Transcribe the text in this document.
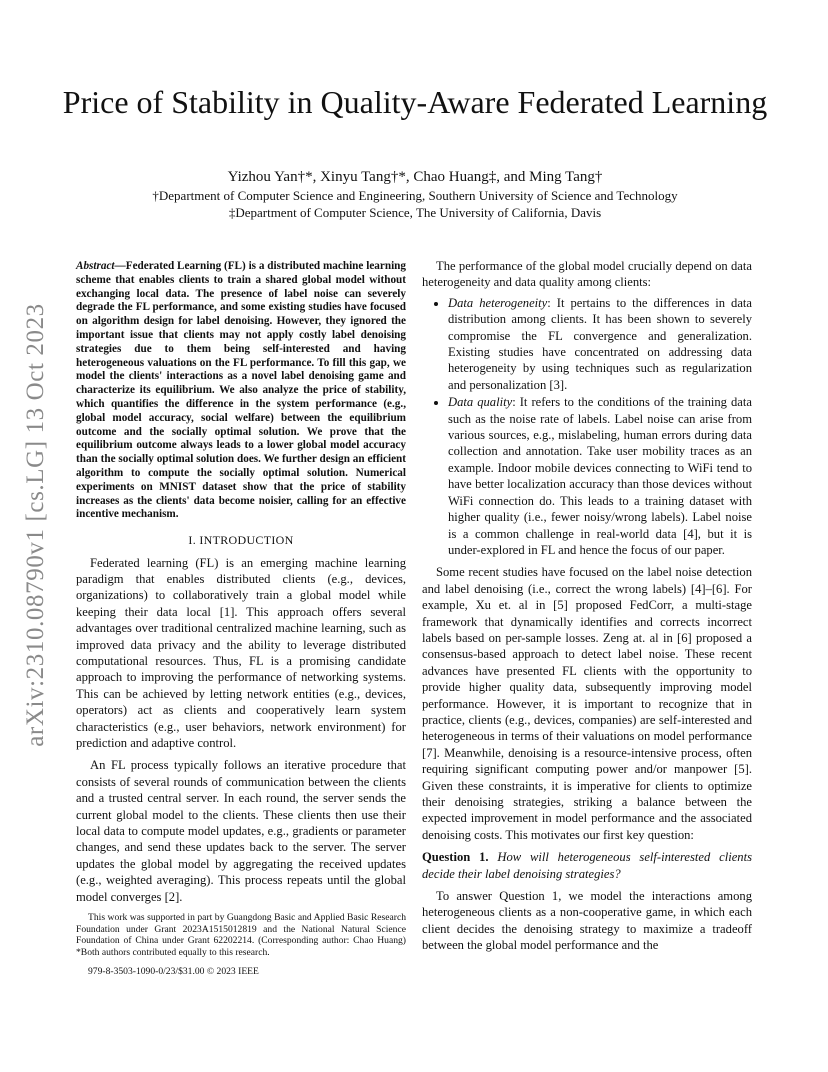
arXiv:2310.08790v1 [cs.LG] 13 Oct 2023
Price of Stability in Quality-Aware Federated Learning
Yizhou Yan†*, Xinyu Tang†*, Chao Huang‡, and Ming Tang†
†Department of Computer Science and Engineering, Southern University of Science and Technology
‡Department of Computer Science, The University of California, Davis

Abstract—Federated Learning (FL) is a distributed machine learning scheme that enables clients to train a shared global model without exchanging local data. The presence of label noise can severely degrade the FL performance, and some existing studies have focused on algorithm design for label denoising. However, they ignored the important issue that clients may not apply costly label denoising strategies due to them being self-interested and having heterogeneous valuations on the FL performance. To fill this gap, we model the clients' interactions as a novel label denoising game and characterize its equilibrium. We also analyze the price of stability, which quantifies the difference in the system performance (e.g., global model accuracy, social welfare) between the equilibrium outcome and the socially optimal solution. We prove that the equilibrium outcome always leads to a lower global model accuracy than the socially optimal solution does. We further design an efficient algorithm to compute the socially optimal solution. Numerical experiments on MNIST dataset show that the price of stability increases as the clients' data become noisier, calling for an effective incentive mechanism.

I. INTRODUCTION

Federated learning (FL) is an emerging machine learning paradigm that enables distributed clients (e.g., devices, organizations) to collaboratively train a global model while keeping their data local [1]. This approach offers several advantages over traditional centralized machine learning, such as improved data privacy and the ability to leverage distributed computational resources. Thus, FL is a promising candidate approach to improving the performance of networking systems. This can be achieved by letting network entities (e.g., devices, operators) act as clients and cooperatively learn system characteristics (e.g., user behaviors, network environment) for prediction and adaptive control.

An FL process typically follows an iterative procedure that consists of several rounds of communication between the clients and a trusted central server. In each round, the server sends the current global model to the clients. These clients then use their local data to compute model updates, e.g., gradients or parameter changes, and send these updates back to the server. The server updates the global model by aggregating the received updates (e.g., weighted averaging). This process repeats until the global model converges [2].

This work was supported in part by Guangdong Basic and Applied Basic Research Foundation under Grant 2023A1515012819 and the National Natural Science Foundation of China under Grant 62202214. (Corresponding author: Chao Huang) *Both authors contributed equally to this research.

979-8-3503-1090-0/23/$31.00 © 2023 IEEE

The performance of the global model crucially depend on data heterogeneity and data quality among clients:

• Data heterogeneity: It pertains to the differences in data distribution among clients. It has been shown to severely compromise the FL convergence and generalization. Existing studies have concentrated on addressing data heterogeneity by using techniques such as regularization and personalization [3].
• Data quality: It refers to the conditions of the training data such as the noise rate of labels. Label noise can arise from various sources, e.g., mislabeling, human errors during data collection and annotation. Take user mobility traces as an example. Indoor mobile devices connecting to WiFi tend to have better localization accuracy than those devices without WiFi connection do. This leads to a training dataset with higher quality (i.e., fewer noisy/wrong labels). Label noise is a common challenge in real-world data [4], but it is under-explored in FL and hence the focus of our paper.

Some recent studies have focused on the label noise detection and label denoising (i.e., correct the wrong labels) [4]–[6]. For example, Xu et. al in [5] proposed FedCorr, a multi-stage framework that dynamically identifies and corrects incorrect labels based on per-sample losses. Zeng at. al in [6] proposed a consensus-based approach to detect label noise. These recent advances have presented FL clients with the opportunity to provide higher quality data, subsequently improving model performance. However, it is important to recognize that in practice, clients (e.g., devices, companies) are self-interested and heterogeneous in terms of their valuations on model performance [7]. Meanwhile, denoising is a resource-intensive process, often requiring significant computing power and/or manpower [5]. Given these constraints, it is imperative for clients to optimize their denoising strategies, striking a balance between the expected improvement in model performance and the associated denoising costs. This motivates our first key question:

Question 1. How will heterogeneous self-interested clients decide their label denoising strategies?

To answer Question 1, we model the interactions among heterogeneous clients as a non-cooperative game, in which each client decides the denoising strategy to maximize a tradeoff between the global model performance and the
